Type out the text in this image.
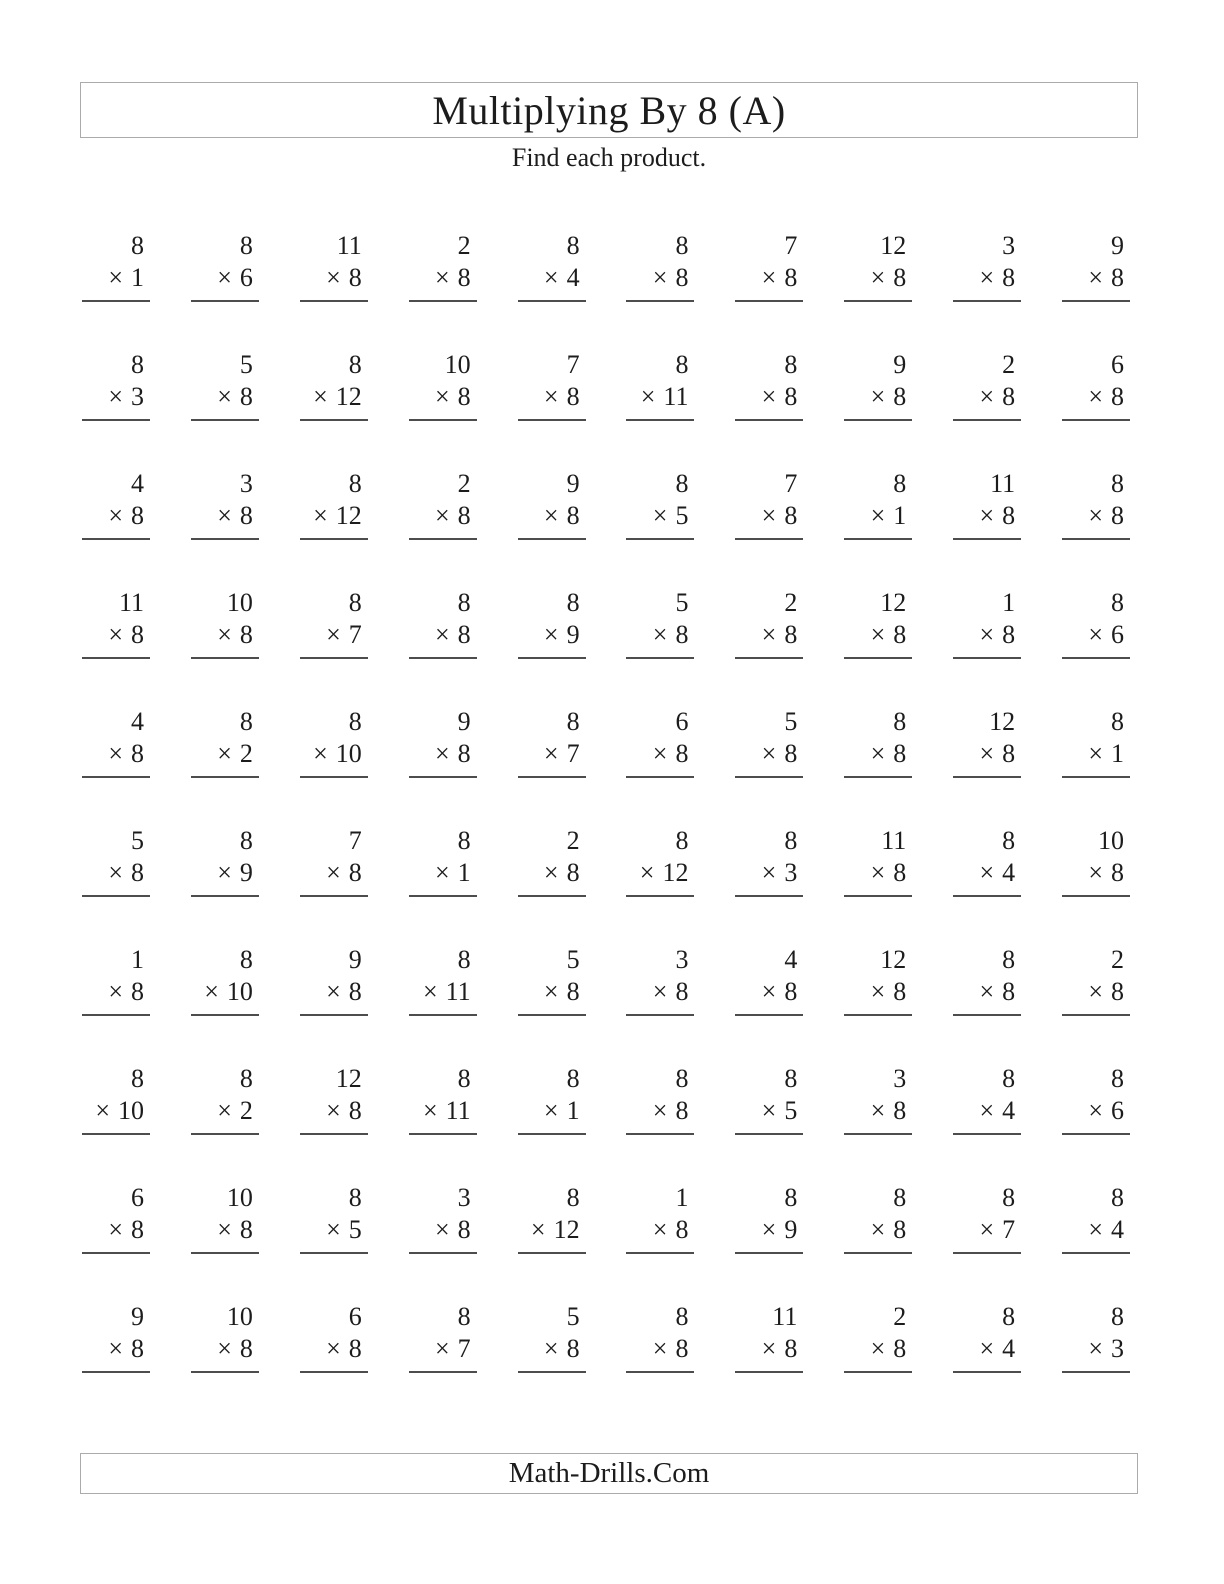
Multiplying By 8 (A)
Find each product.
8
× 1
8
× 6
11
× 8
2
× 8
8
× 4
8
× 8
7
× 8
12
× 8
3
× 8
9
× 8
8
× 3
5
× 8
8
× 12
10
× 8
7
× 8
8
× 11
8
× 8
9
× 8
2
× 8
6
× 8
4
× 8
3
× 8
8
× 12
2
× 8
9
× 8
8
× 5
7
× 8
8
× 1
11
× 8
8
× 8
11
× 8
10
× 8
8
× 7
8
× 8
8
× 9
5
× 8
2
× 8
12
× 8
1
× 8
8
× 6
4
× 8
8
× 2
8
× 10
9
× 8
8
× 7
6
× 8
5
× 8
8
× 8
12
× 8
8
× 1
5
× 8
8
× 9
7
× 8
8
× 1
2
× 8
8
× 12
8
× 3
11
× 8
8
× 4
10
× 8
1
× 8
8
× 10
9
× 8
8
× 11
5
× 8
3
× 8
4
× 8
12
× 8
8
× 8
2
× 8
8
× 10
8
× 2
12
× 8
8
× 11
8
× 1
8
× 8
8
× 5
3
× 8
8
× 4
8
× 6
6
× 8
10
× 8
8
× 5
3
× 8
8
× 12
1
× 8
8
× 9
8
× 8
8
× 7
8
× 4
9
× 8
10
× 8
6
× 8
8
× 7
5
× 8
8
× 8
11
× 8
2
× 8
8
× 4
8
× 3
Math-Drills.Com
